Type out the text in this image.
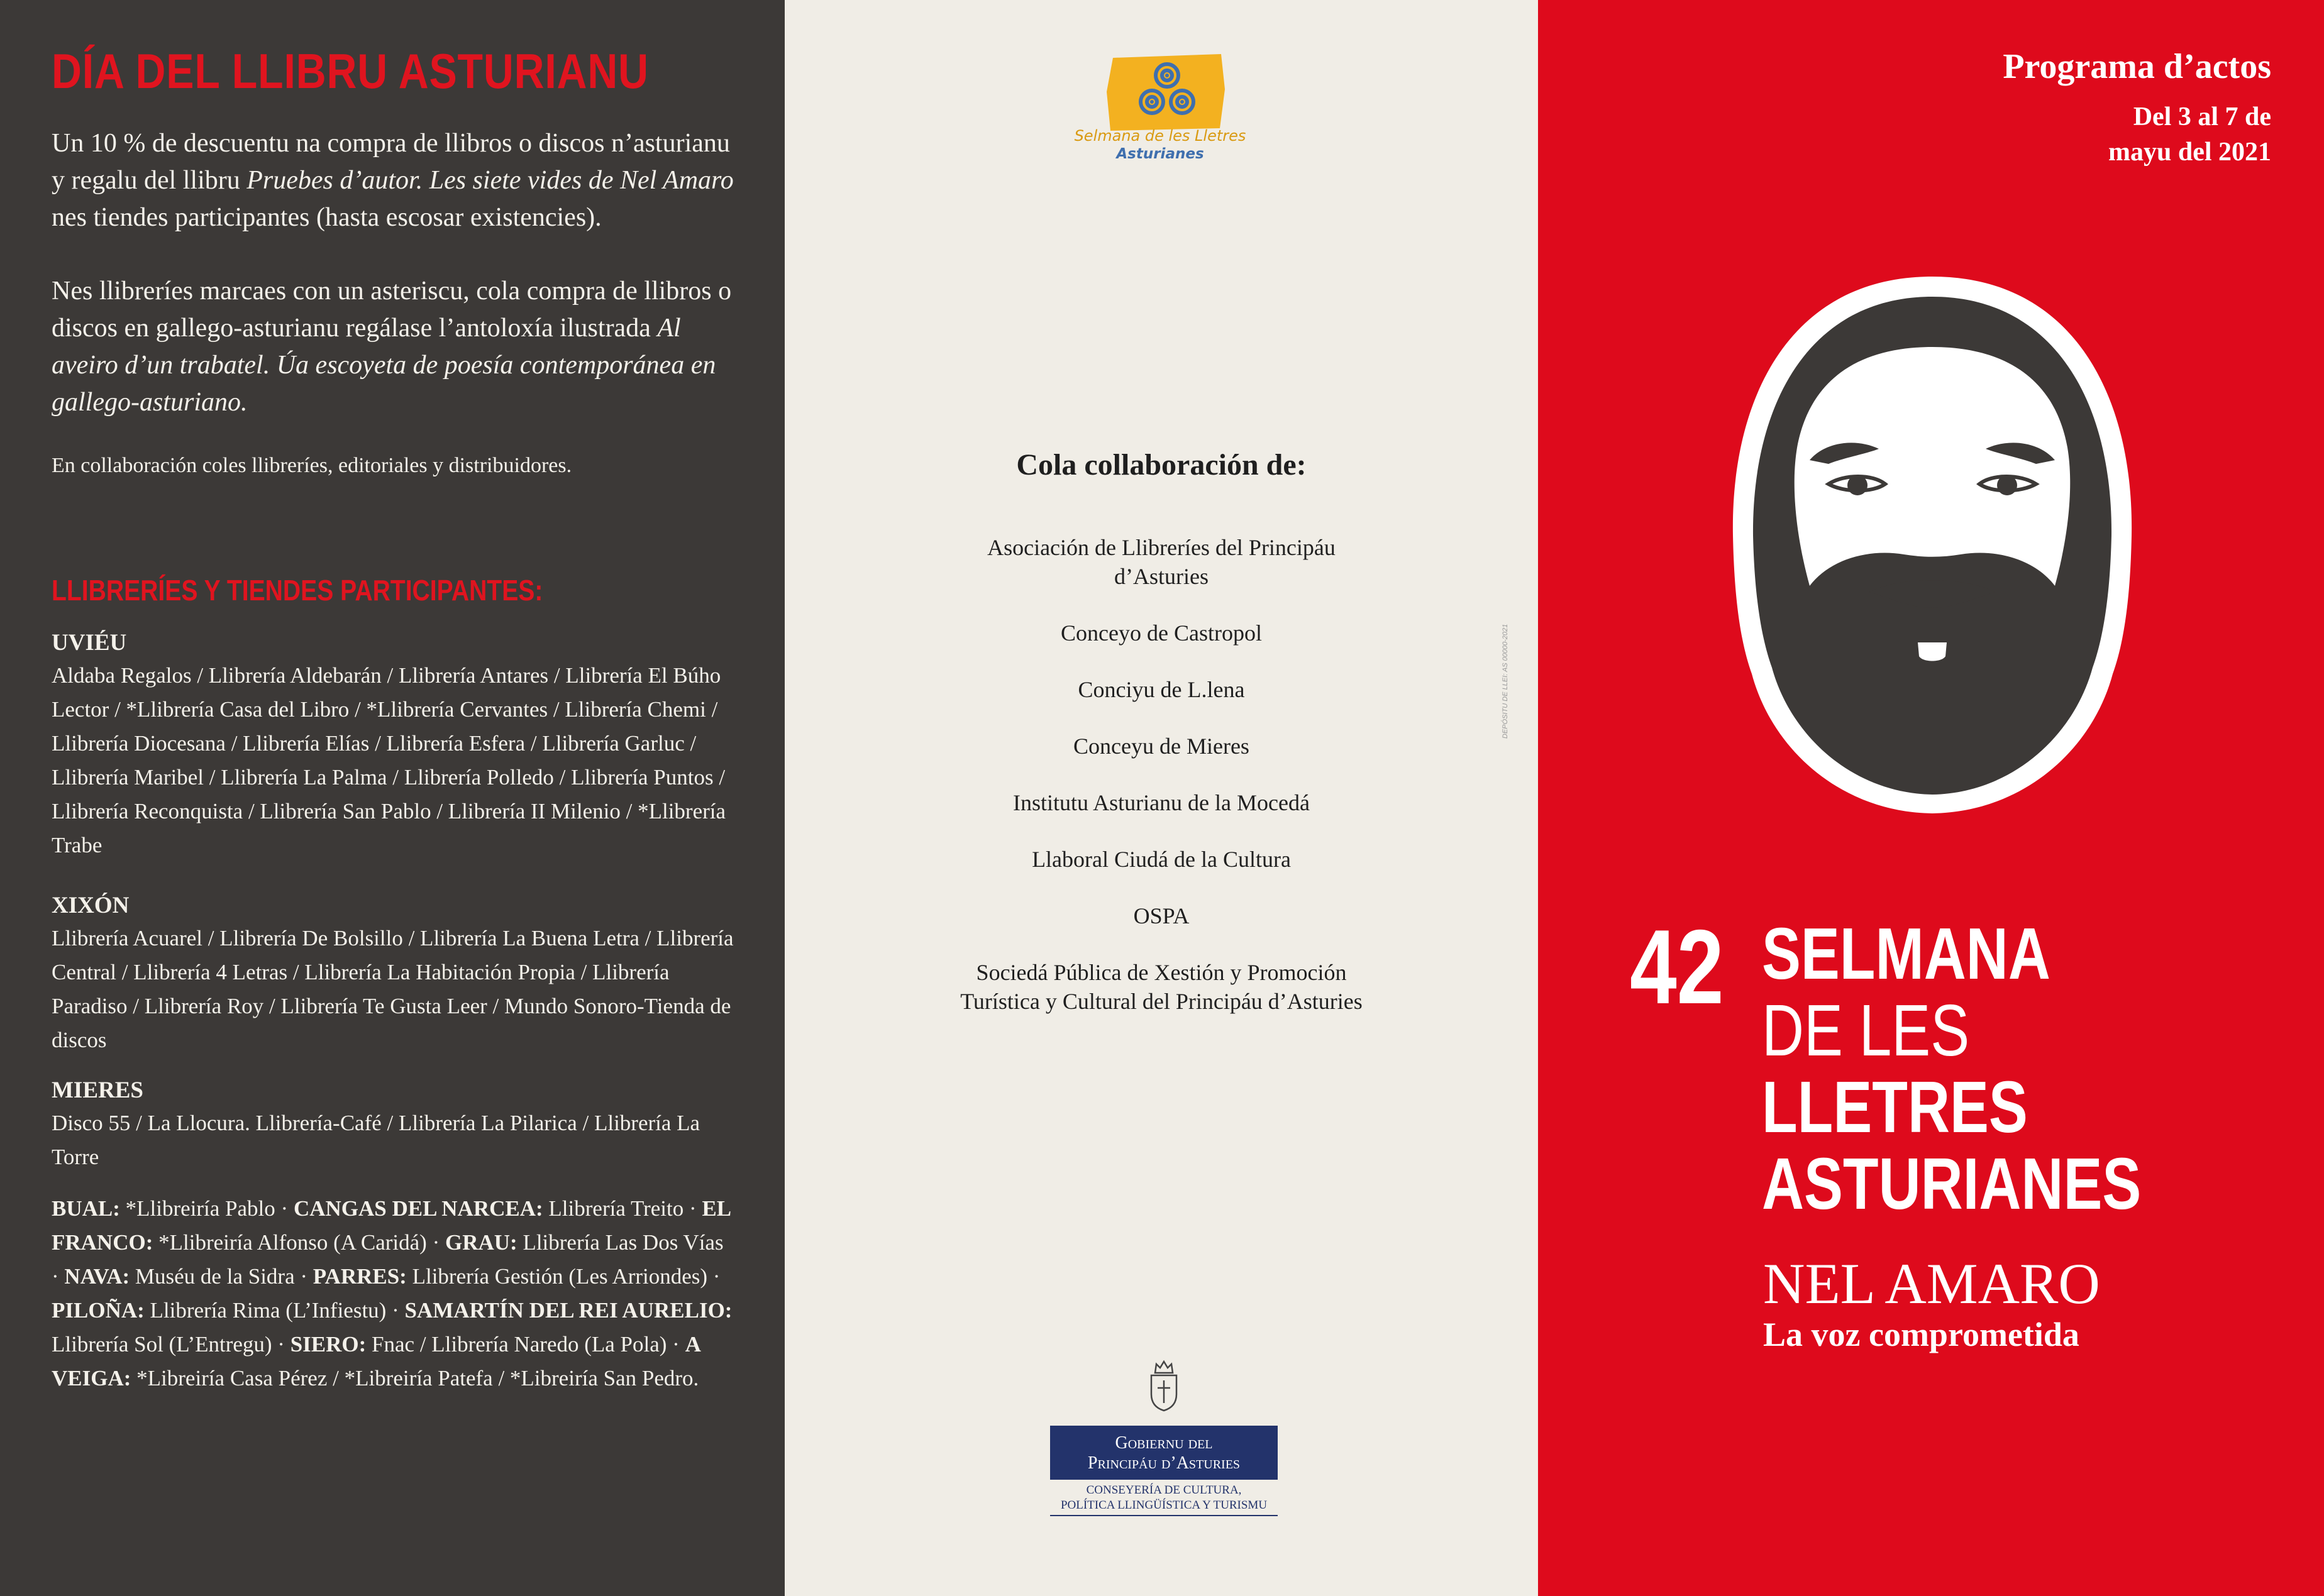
DÍA DEL LLIBRU ASTURIANU

Un 10 % de descuentu na compra de llibros o discos n’asturianu y regalu del llibru Pruebes d’autor. Les siete vides de Nel Amaro nes tiendes participantes (hasta escosar existencies).

Nes llibreríes marcaes con un asteriscu, cola compra de llibros o discos en gallego-asturianu regálase l’antoloxía ilustrada Al aveiro d’un trabatel. Úa escoyeta de poesía contemporánea en gallego-asturiano.

En collaboración coles llibreríes, editoriales y distribuidores.

LLIBRERÍES Y TIENDES PARTICIPANTES:

UVIÉU

Aldaba Regalos / Llibrería Aldebarán / Llibrería Antares / Llibrería El Búho Lector / *Llibrería Casa del Libro / *Llibrería Cervantes / Llibrería Chemi / Llibrería Diocesana / Llibrería Elías / Llibrería Esfera / Llibrería Garluc / Llibrería Maribel / Llibrería La Palma / Llibrería Polledo / Llibrería Puntos / Llibrería Reconquista / Llibrería San Pablo / Llibrería II Milenio / *Llibrería Trabe

XIXÓN

Llibrería Acuarel / Llibrería De Bolsillo / Llibrería La Buena Letra / Llibrería Central / Llibrería 4 Letras / Llibrería La Habitación Propia / Llibrería Paradiso / Llibrería Roy / Llibrería Te Gusta Leer / Mundo Sonoro-Tienda de discos

MIERES

Disco 55 / La Llocura. Llibrería-Café / Llibrería La Pilarica / Llibrería La Torre

BUAL: *Llibreiría Pablo · CANGAS DEL NARCEA: Llibrería Treito · EL FRANCO: *Llibreiría Alfonso (A Caridá) · GRAU: Llibrería Las Dos Vías · NAVA: Muséu de la Sidra · PARRES: Llibrería Gestión (Les Arriondes) · PILOÑA: Llibrería Rima (L’Infiestu) · SAMARTÍN DEL REI AURELIO: Llibrería Sol (L’Entregu) · SIERO: Fnac / Llibrería Naredo (La Pola) · A VEIGA: *Libreiría Casa Pérez / *Libreiría Patefa / *Libreiría San Pedro.

Selmana de les Lletres
Asturianes
DEPÓSITU DE LLEI: AS 00000-2021
Cola collaboración de:

Asociación de Llibreríes del Principáu

d’Asturies

Conceyo de Castropol

Conciyu de L.lena

Conceyu de Mieres

Institutu Asturianu de la Mocedá

Llaboral Ciudá de la Cultura

OSPA

Sociedá Pública de Xestión y Promoción

Turística y Cultural del Principáu d’Asturies

Gobiernu del
Principáu d’Asturies
CONSEYERÍA DE CULTURA,
POLÍTICA LLINGÜÍSTICA Y TURISMU
Programa d’actos
Del 3 al 7 de
mayu del 2021
42 SELMANA
DE LES
LLETRES
ASTURIANES
NEL AMARO
La voz comprometida
